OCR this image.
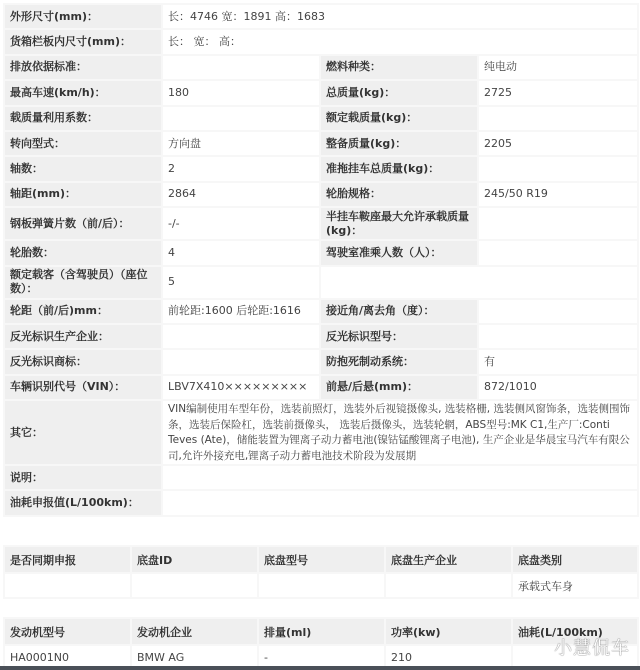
外形尺寸(mm)：	长：4746 宽：1891 高：1683		
货箱栏板内尺寸(mm)：	长： 宽： 高：		
排放依据标准：		燃料种类：	纯电动
最高车速(km/h)：	180	总质量(kg)：	2725
载质量利用系数：		额定载质量(kg)：	
转向型式：	方向盘	整备质量(kg)：	2205
轴数：	2	准拖挂车总质量(kg)：	
轴距(mm)：	2864	轮胎规格：	245/50 R19
钢板弹簧片数（前/后）：	-/-	半挂车鞍座最大允许承载质量(kg)：	
轮胎数：	4	驾驶室准乘人数（人）：	
额定载客（含驾驶员）（座位数）：	5		
轮距（前/后)mm：	前轮距:1600 后轮距:1616	接近角/离去角（度）：	
反光标识生产企业：		反光标识型号：	
反光标识商标：		防抱死制动系统：	有
车辆识别代号（VIN）：	LBV7X410×××××××××	前悬/后悬(mm)：	872/1010
其它：	VIN编制使用车型年份，选装前照灯，选装外后视镜摄像头, 选装格栅, 选装侧风窗饰条，选装侧围饰条，选装后保险杠，选装前摄像头， 选装后摄像头，选装轮辋，ABS型号:MK C1,生产厂:Conti Teves (Ate)，储能装置为锂离子动力蓄电池(镍钴锰酸锂离子电池), 生产企业是华晨宝马汽车有限公司,允许外接充电,锂离子动力蓄电池技术阶段为发展期		
说明：			
油耗申报值(L/100km)：			
是否同期申报	底盘ID	底盘型号	底盘生产企业	底盘类别
				承载式车身
发动机型号	发动机企业	排量(ml)	功率(kw)	油耗(L/100km)
HA0001N0	BMW AG	-	210		小慧侃车
